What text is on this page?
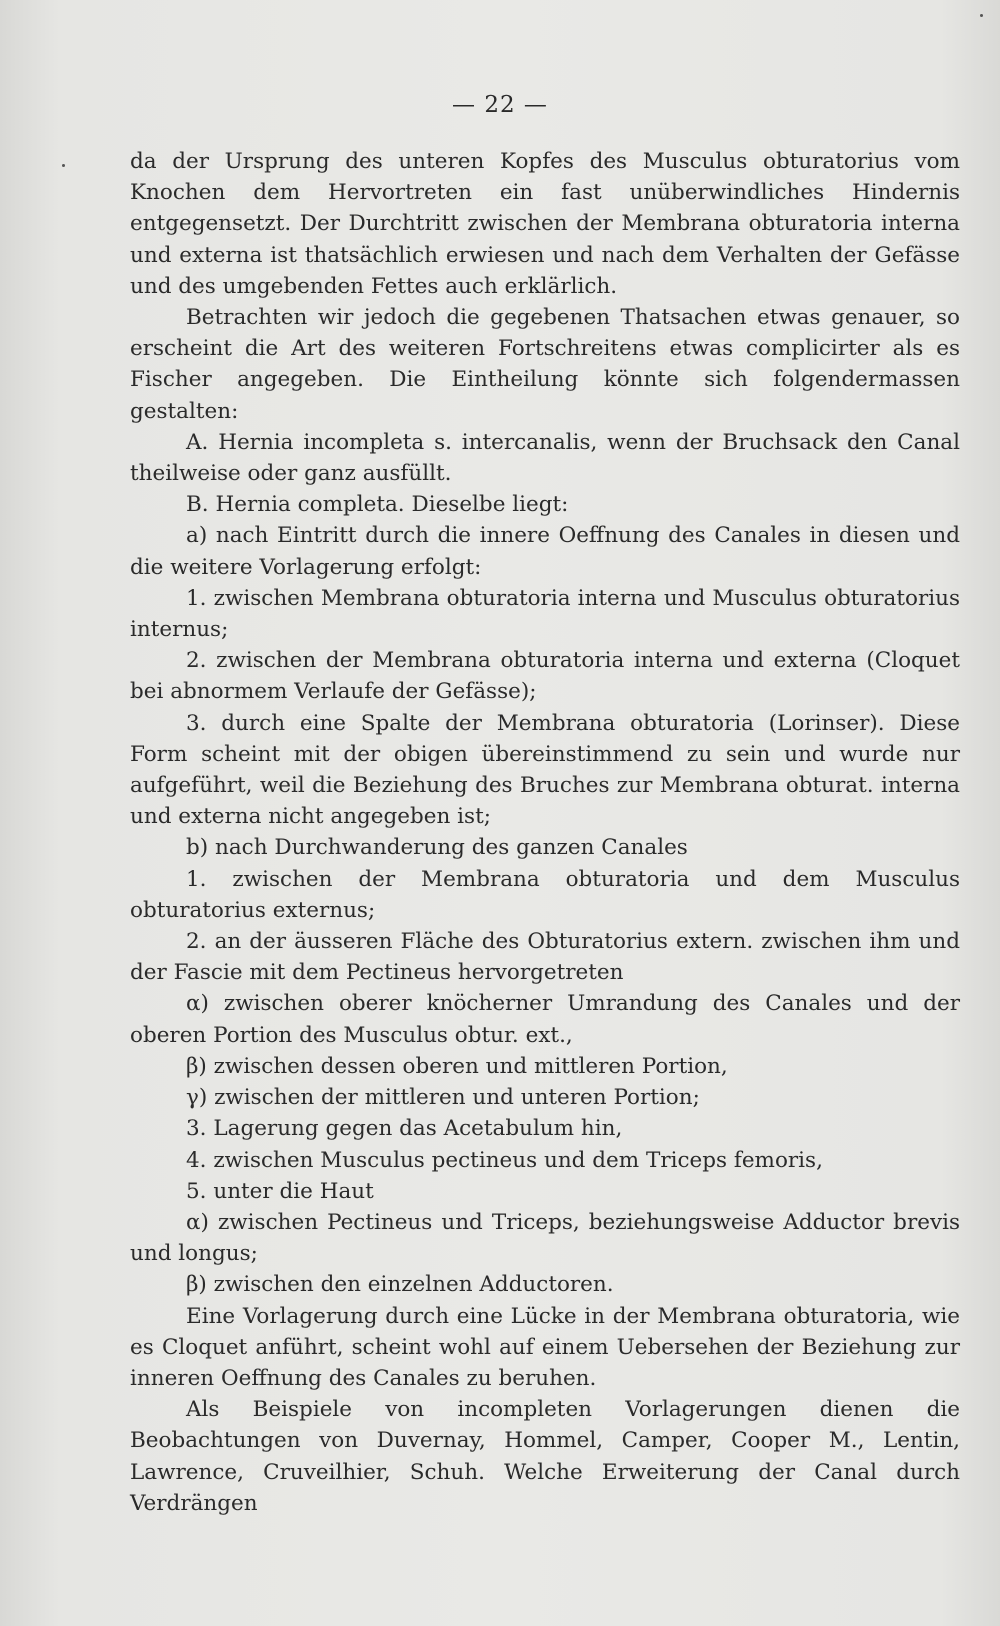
— 22 —

da der Ursprung des unteren Kopfes des Musculus obturatorius vom Knochen dem Hervortreten ein fast unüberwindliches Hindernis entgegensetzt. Der Durchtritt zwischen der Membrana obturatoria interna und externa ist thatsächlich erwiesen und nach dem Verhalten der Gefässe und des umgebenden Fettes auch erklärlich.

Betrachten wir jedoch die gegebenen Thatsachen etwas genauer, so erscheint die Art des weiteren Fortschreitens etwas complicirter als es Fischer angegeben. Die Eintheilung könnte sich folgendermassen gestalten:

A. Hernia incompleta s. intercanalis, wenn der Bruchsack den Canal theilweise oder ganz ausfüllt.

B. Hernia completa. Dieselbe liegt:

a) nach Eintritt durch die innere Oeffnung des Canales in diesen und die weitere Vorlagerung erfolgt:

1. zwischen Membrana obturatoria interna und Musculus obturatorius internus;

2. zwischen der Membrana obturatoria interna und externa (Cloquet bei abnormem Verlaufe der Gefässe);

3. durch eine Spalte der Membrana obturatoria (Lorinser). Diese Form scheint mit der obigen übereinstimmend zu sein und wurde nur aufgeführt, weil die Beziehung des Bruches zur Membrana obturat. interna und externa nicht angegeben ist;

b) nach Durchwanderung des ganzen Canales

1. zwischen der Membrana obturatoria und dem Musculus obturatorius externus;

2. an der äusseren Fläche des Obturatorius extern. zwischen ihm und der Fascie mit dem Pectineus hervorgetreten

α) zwischen oberer knöcherner Umrandung des Canales und der oberen Portion des Musculus obtur. ext.,

β) zwischen dessen oberen und mittleren Portion,

γ) zwischen der mittleren und unteren Portion;

3. Lagerung gegen das Acetabulum hin,

4. zwischen Musculus pectineus und dem Triceps femoris,

5. unter die Haut

α) zwischen Pectineus und Triceps, beziehungsweise Adductor brevis und longus;

β) zwischen den einzelnen Adductoren.

Eine Vorlagerung durch eine Lücke in der Membrana obturatoria, wie es Cloquet anführt, scheint wohl auf einem Uebersehen der Beziehung zur inneren Oeffnung des Canales zu beruhen.

Als Beispiele von incompleten Vorlagerungen dienen die Beobachtungen von Duvernay, Hommel, Camper, Cooper M., Lentin, Lawrence, Cruveilhier, Schuh. Welche Erweiterung der Canal durch Verdrängen
